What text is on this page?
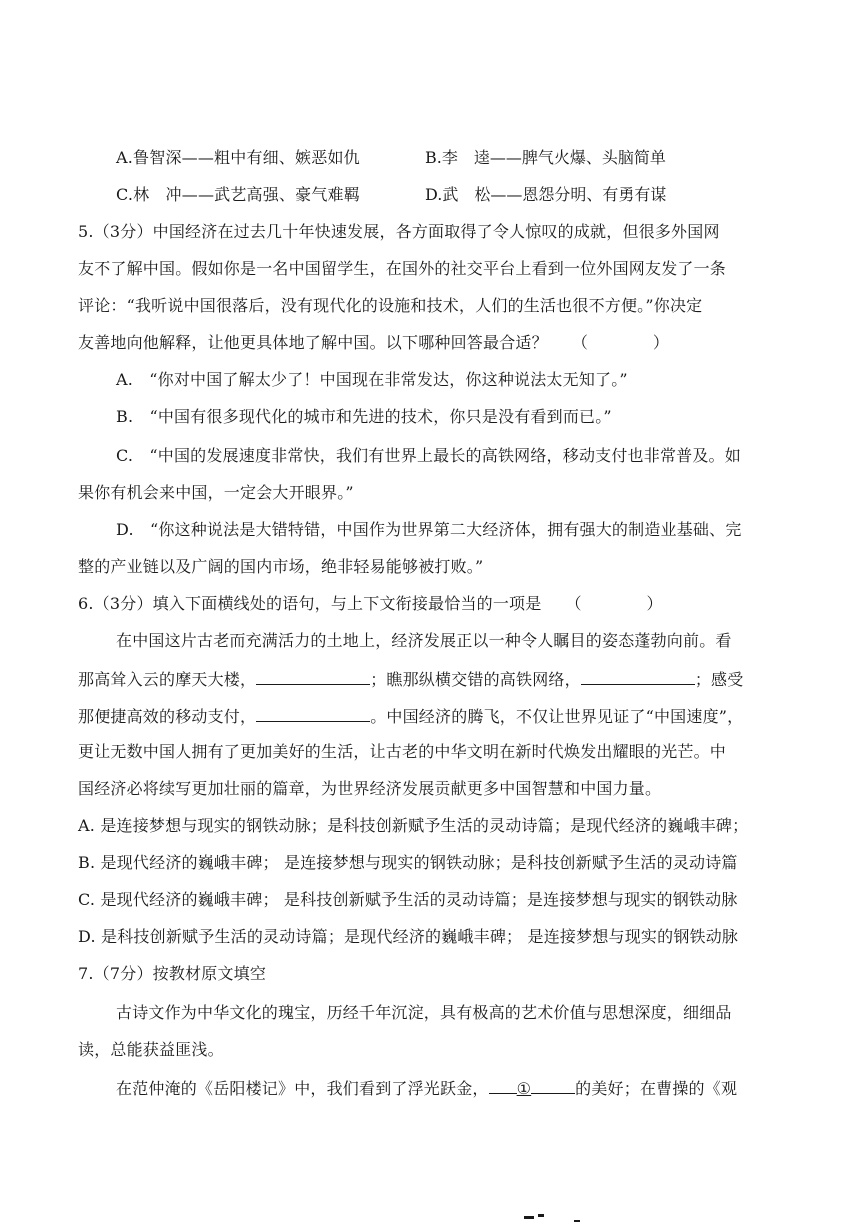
A.鲁智深——粗中有细、嫉恶如仇	B.李　逵——脾气火爆、头脑简单
C.林　冲——武艺高强、豪气难羁	D.武　松——恩怨分明、有勇有谋
5.（3分）中国经济在过去几十年快速发展，各方面取得了令人惊叹的成就，但很多外国网
友不了解中国。假如你是一名中国留学生，在国外的社交平台上看到一位外国网友发了一条
评论：“我听说中国很落后，没有现代化的设施和技术，人们的生活也很不方便。”你决定
友善地向他解释，让他更具体地了解中国。以下哪种回答最合适？ （　　　　）
A.　“你对中国了解太少了！中国现在非常发达，你这种说法太无知了。”
B.　“中国有很多现代化的城市和先进的技术，你只是没有看到而已。”
C.　“中国的发展速度非常快，我们有世界上最长的高铁网络，移动支付也非常普及。如
果你有机会来中国，一定会大开眼界。”
D.　“你这种说法是大错特错，中国作为世界第二大经济体，拥有强大的制造业基础、完
整的产业链以及广阔的国内市场，绝非轻易能够被打败。”
6.（3分）填入下面横线处的语句，与上下文衔接最恰当的一项是 （　　　　）
在中国这片古老而充满活力的土地上，经济发展正以一种令人瞩目的姿态蓬勃向前。看
那高耸入云的摩天大楼，	；瞧那纵横交错的高铁网络，	；感受
那便捷高效的移动支付，	。中国经济的腾飞，不仅让世界见证了“中国速度”，
更让无数中国人拥有了更加美好的生活，让古老的中华文明在新时代焕发出耀眼的光芒。中
国经济必将续写更加壮丽的篇章，为世界经济发展贡献更多中国智慧和中国力量。
A. 是连接梦想与现实的钢铁动脉；是科技创新赋予生活的灵动诗篇；是现代经济的巍峨丰碑；
B. 是现代经济的巍峨丰碑； 是连接梦想与现实的钢铁动脉；是科技创新赋予生活的灵动诗篇
C. 是现代经济的巍峨丰碑； 是科技创新赋予生活的灵动诗篇；是连接梦想与现实的钢铁动脉
D. 是科技创新赋予生活的灵动诗篇；是现代经济的巍峨丰碑； 是连接梦想与现实的钢铁动脉
7.（7分）按教材原文填空
古诗文作为中华文化的瑰宝，历经千年沉淀，具有极高的艺术价值与思想深度，细细品
读，总能获益匪浅。
在范仲淹的《岳阳楼记》中，我们看到了浮光跃金， ①	的美好；在曹操的《观
